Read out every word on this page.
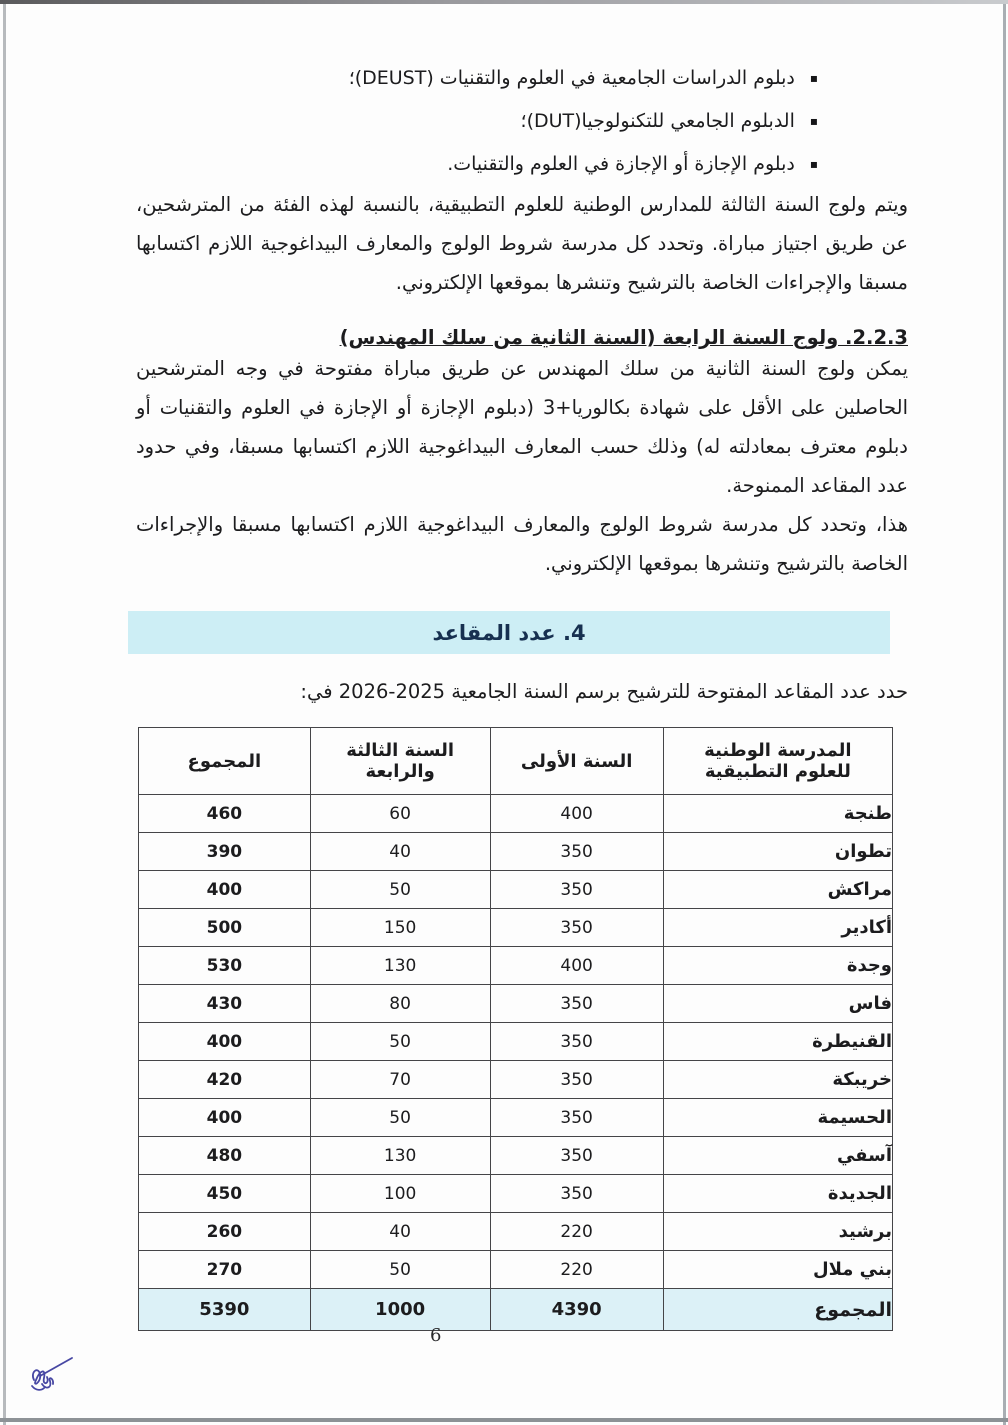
▪
دبلوم الدراسات الجامعية في العلوم والتقنيات (DEUST)؛
▪
الدبلوم الجامعي للتكنولوجيا(DUT)؛
▪
دبلوم الإجازة أو الإجازة في العلوم والتقنيات.

ويتم ولوج السنة الثالثة للمدارس الوطنية للعلوم التطبيقية، بالنسبة لهذه الفئة من المترشحين، عن طريق اجتياز مباراة. وتحدد كل مدرسة شروط الولوج والمعارف البيداغوجية اللازم اكتسابها مسبقا والإجراءات الخاصة بالترشيح وتنشرها بموقعها الإلكتروني.

2.2.3. ولوج السنة الرابعة (السنة الثانية من سلك المهندس)

يمكن ولوج السنة الثانية من سلك المهندس عن طريق مباراة مفتوحة في وجه المترشحين الحاصلين على الأقل على شهادة بكالوريا+3 (دبلوم الإجازة أو الإجازة في العلوم والتقنيات أو دبلوم معترف بمعادلته له) وذلك حسب المعارف البيداغوجية اللازم اكتسابها مسبقا، وفي حدود عدد المقاعد الممنوحة.

هذا، وتحدد كل مدرسة شروط الولوج والمعارف البيداغوجية اللازم اكتسابها مسبقا والإجراءات الخاصة بالترشيح وتنشرها بموقعها الإلكتروني.

4. عدد المقاعد

حدد عدد المقاعد المفتوحة للترشيح برسم السنة الجامعية 2025-2026 في:

المدرسة الوطنية للعلوم التطبيقية	السنة الأولى	السنة الثالثة والرابعة	المجموع
طنجة	400	60	460
تطوان	350	40	390
مراكش	350	50	400
أكادير	350	150	500
وجدة	400	130	530
فاس	350	80	430
القنيطرة	350	50	400
خريبكة	350	70	420
الحسيمة	350	50	400
آسفي	350	130	480
الجديدة	350	100	450
برشيد	220	40	260
بني ملال	220	50	270
المجموع	4390	1000	5390
6
